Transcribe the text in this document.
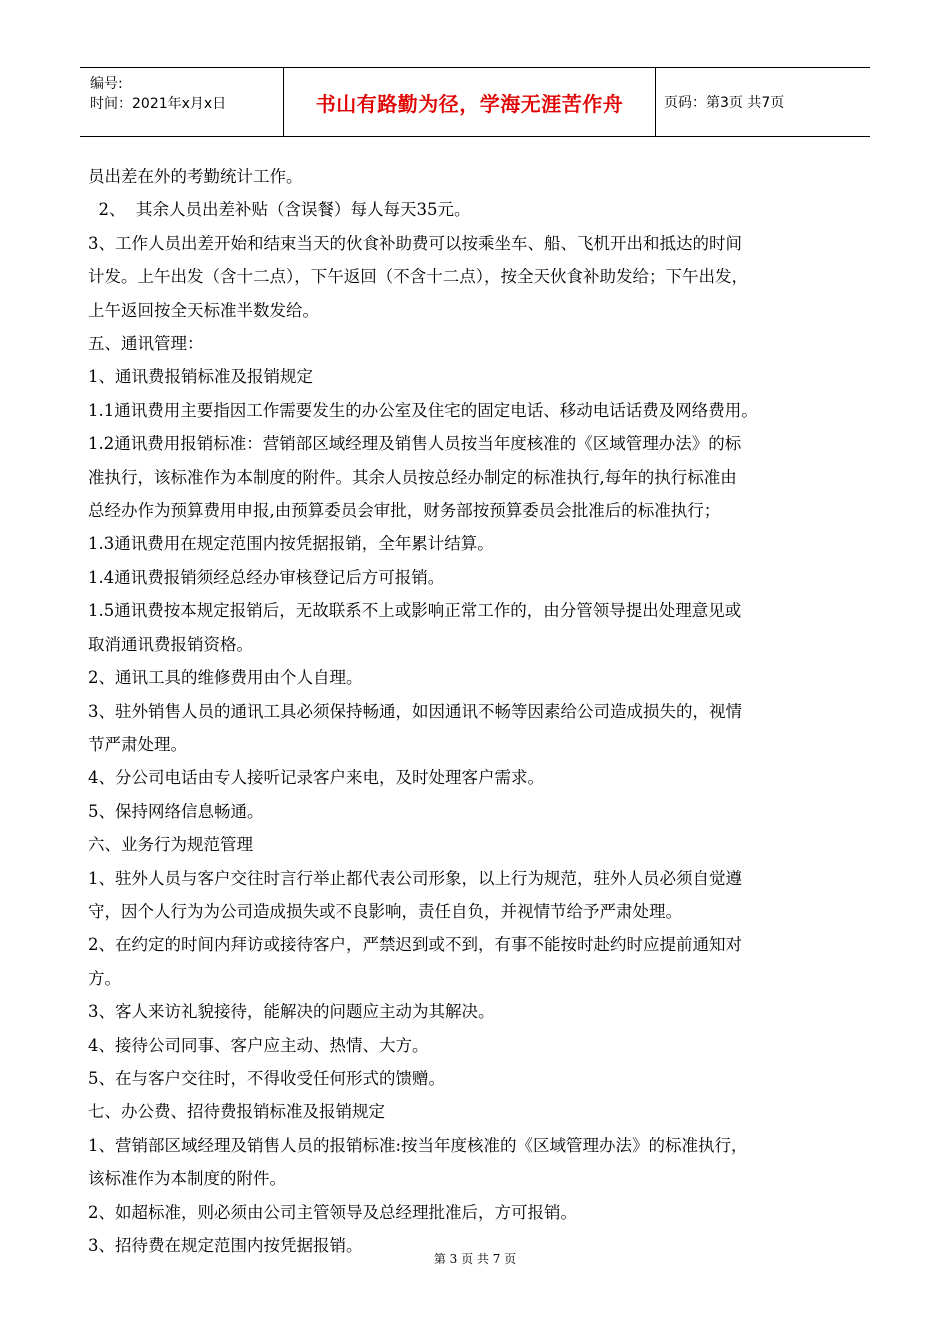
编号:
时间：2021年x月x日	书山有路勤为径，学海无涯苦作舟	页码：第3页 共7页
员出差在外的考勤统计工作。
2、  其余人员出差补贴（含误餐）每人每天35元。
3、工作人员出差开始和结束当天的伙食补助费可以按乘坐车、船、飞机开出和抵达的时间
计发。上午出发（含十二点），下午返回（不含十二点），按全天伙食补助发给；下午出发，
上午返回按全天标准半数发给。
五、通讯管理：
1、通讯费报销标准及报销规定
1.1通讯费用主要指因工作需要发生的办公室及住宅的固定电话、移动电话话费及网络费用。
1.2通讯费用报销标准：营销部区域经理及销售人员按当年度核准的《区域管理办法》的标
准执行，该标准作为本制度的附件。其余人员按总经办制定的标准执行,每年的执行标准由
总经办作为预算费用申报,由预算委员会审批，财务部按预算委员会批准后的标准执行；
1.3通讯费用在规定范围内按凭据报销，全年累计结算。
1.4通讯费报销须经总经办审核登记后方可报销。
1.5通讯费按本规定报销后，无故联系不上或影响正常工作的，由分管领导提出处理意见或
取消通讯费报销资格。
2、通讯工具的维修费用由个人自理。
3、驻外销售人员的通讯工具必须保持畅通，如因通讯不畅等因素给公司造成损失的，视情
节严肃处理。
4、分公司电话由专人接听记录客户来电，及时处理客户需求。
5、保持网络信息畅通。
六、业务行为规范管理
1、驻外人员与客户交往时言行举止都代表公司形象，以上行为规范，驻外人员必须自觉遵
守，因个人行为为公司造成损失或不良影响，责任自负，并视情节给予严肃处理。
2、在约定的时间内拜访或接待客户，严禁迟到或不到，有事不能按时赴约时应提前通知对
方。
3、客人来访礼貌接待，能解决的问题应主动为其解决。
4、接待公司同事、客户应主动、热情、大方。
5、在与客户交往时，不得收受任何形式的馈赠。
七、办公费、招待费报销标准及报销规定
1、营销部区域经理及销售人员的报销标准:按当年度核准的《区域管理办法》的标准执行，
该标准作为本制度的附件。
2、如超标准，则必须由公司主管领导及总经理批准后，方可报销。
3、招待费在规定范围内按凭据报销。
第 3 页 共 7 页
